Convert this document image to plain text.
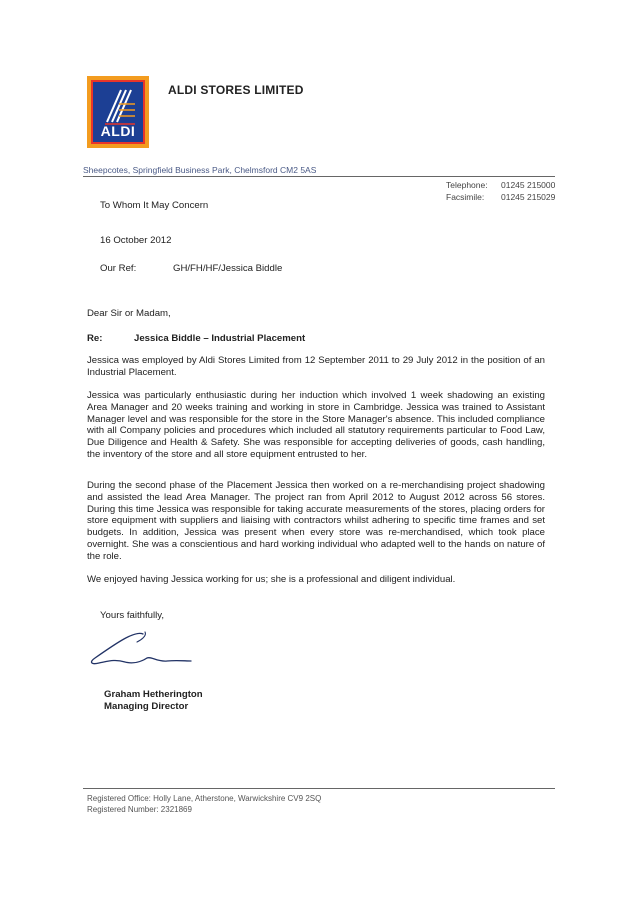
ALDI
ALDI STORES LIMITED
Sheepcotes, Springfield Business Park, Chelmsford CM2 5AS
Telephone: 01245 215000
Facsimile: 01245 215029
To Whom It May Concern
16 October 2012
Our Ref:	GH/FH/HF/Jessica Biddle
Dear Sir or Madam,
Re:	Jessica Biddle – Industrial Placement
Jessica was employed by Aldi Stores Limited from 12 September 2011 to 29 July 2012 in the position of an Industrial Placement.
Jessica was particularly enthusiastic during her induction which involved 1 week shadowing an existing Area Manager and 20 weeks training and working in store in Cambridge. Jessica was trained to Assistant Manager level and was responsible for the store in the Store Manager's absence. This included compliance with all Company policies and procedures which included all statutory requirements particular to Food Law, Due Diligence and Health & Safety. She was responsible for accepting deliveries of goods, cash handling, the inventory of the store and all store equipment entrusted to her.
During the second phase of the Placement Jessica then worked on a re-merchandising project shadowing and assisted the lead Area Manager. The project ran from April 2012 to August 2012 across 56 stores. During this time Jessica was responsible for taking accurate measurements of the stores, placing orders for store equipment with suppliers and liaising with contractors whilst adhering to specific time frames and set budgets. In addition, Jessica was present when every store was re-merchandised, which took place overnight. She was a conscientious and hard working individual who adapted well to the hands on nature of the role.
We enjoyed having Jessica working for us; she is a professional and diligent individual.
Yours faithfully,
Graham Hetherington
Managing Director
Registered Office: Holly Lane, Atherstone, Warwickshire CV9 2SQ
Registered Number: 2321869
